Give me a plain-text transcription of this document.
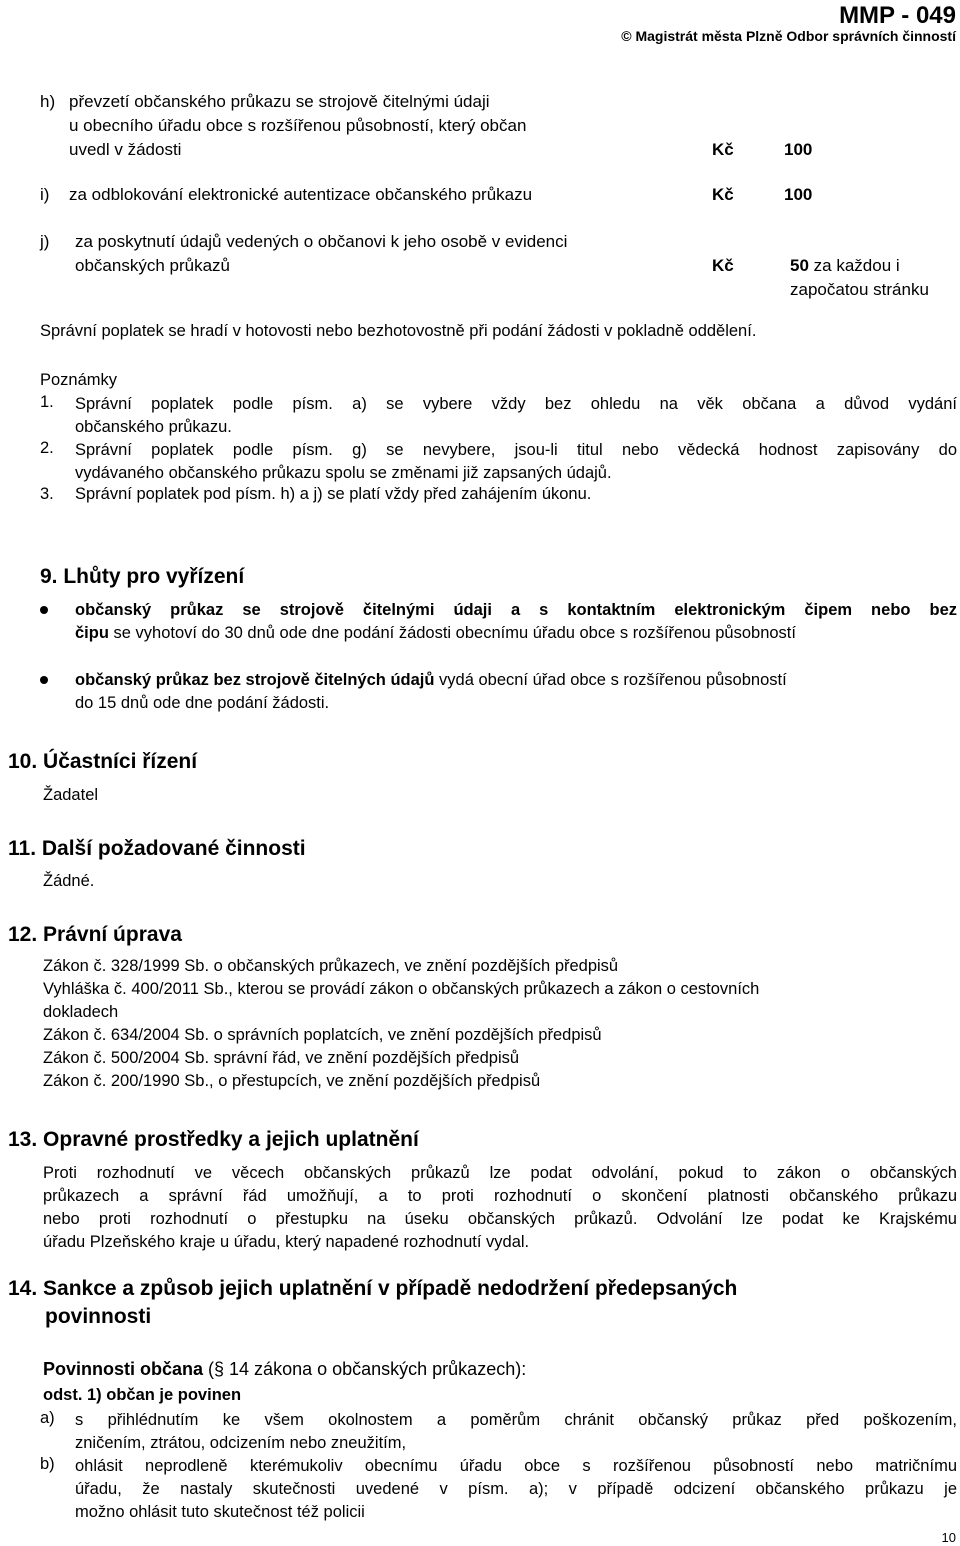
MMP - 049
© Magistrát města Plzně Odbor správních činností
h) převzetí občanského průkazu se strojově čitelnými údaji
u obecního úřadu obce s rozšířenou působností, který občan
uvedl v žádosti	Kč	100
i) za odblokování elektronické autentizace občanského průkazu	Kč	100
j) za poskytnutí údajů vedených o občanovi k jeho osobě v evidenci
občanských průkazů	Kč	50 za každou i
započatou stránku
Správní poplatek se hradí v hotovosti nebo bezhotovostně při podání žádosti v pokladně oddělení.
Poznámky
1. Správní poplatek podle písm. a) se vybere vždy bez ohledu na věk občana a důvod vydání
občanského průkazu.
2. Správní poplatek podle písm. g) se nevybere, jsou-li titul nebo vědecká hodnost zapisovány do
vydávaného občanského průkazu spolu se změnami již zapsaných údajů.
3. Správní poplatek pod písm. h) a j) se platí vždy před zahájením úkonu.
9. Lhůty pro vyřízení
občanský průkaz se strojově čitelnými údaji a s kontaktním elektronickým čipem nebo bez
čipu se vyhotoví do 30 dnů ode dne podání žádosti obecnímu úřadu obce s rozšířenou působností
občanský průkaz bez strojově čitelných údajů vydá obecní úřad obce s rozšířenou působností
do 15 dnů ode dne podání žádosti.
10. Účastníci řízení
Žadatel
11. Další požadované činnosti
Žádné.
12. Právní úprava
Zákon č. 328/1999 Sb. o občanských průkazech, ve znění pozdějších předpisů
Vyhláška č. 400/2011 Sb., kterou se provádí zákon o občanských průkazech a zákon o cestovních
dokladech
Zákon č. 634/2004 Sb. o správních poplatcích, ve znění pozdějších předpisů
Zákon č. 500/2004 Sb. správní řád, ve znění pozdějších předpisů
Zákon č. 200/1990 Sb., o přestupcích, ve znění pozdějších předpisů
13. Opravné prostředky a jejich uplatnění
Proti rozhodnutí ve věcech občanských průkazů lze podat odvolání, pokud to zákon o občanských
průkazech a správní řád umožňují, a to proti rozhodnutí o skončení platnosti občanského průkazu
nebo proti rozhodnutí o přestupku na úseku občanských průkazů. Odvolání lze podat ke Krajskému
úřadu Plzeňského kraje u úřadu, který napadené rozhodnutí vydal.
14. Sankce a způsob jejich uplatnění v případě nedodržení předepsaných
povinnosti
Povinnosti občana (§ 14 zákona o občanských průkazech):
odst. 1) občan je povinen
a) s přihlédnutím ke všem okolnostem a poměrům chránit občanský průkaz před poškozením,
zničením, ztrátou, odcizením nebo zneužitím,
b) ohlásit neprodleně kterémukoliv obecnímu úřadu obce s rozšířenou působností nebo matričnímu
úřadu, že nastaly skutečnosti uvedené v písm. a); v případě odcizení občanského průkazu je
možno ohlásit tuto skutečnost též policii
10
